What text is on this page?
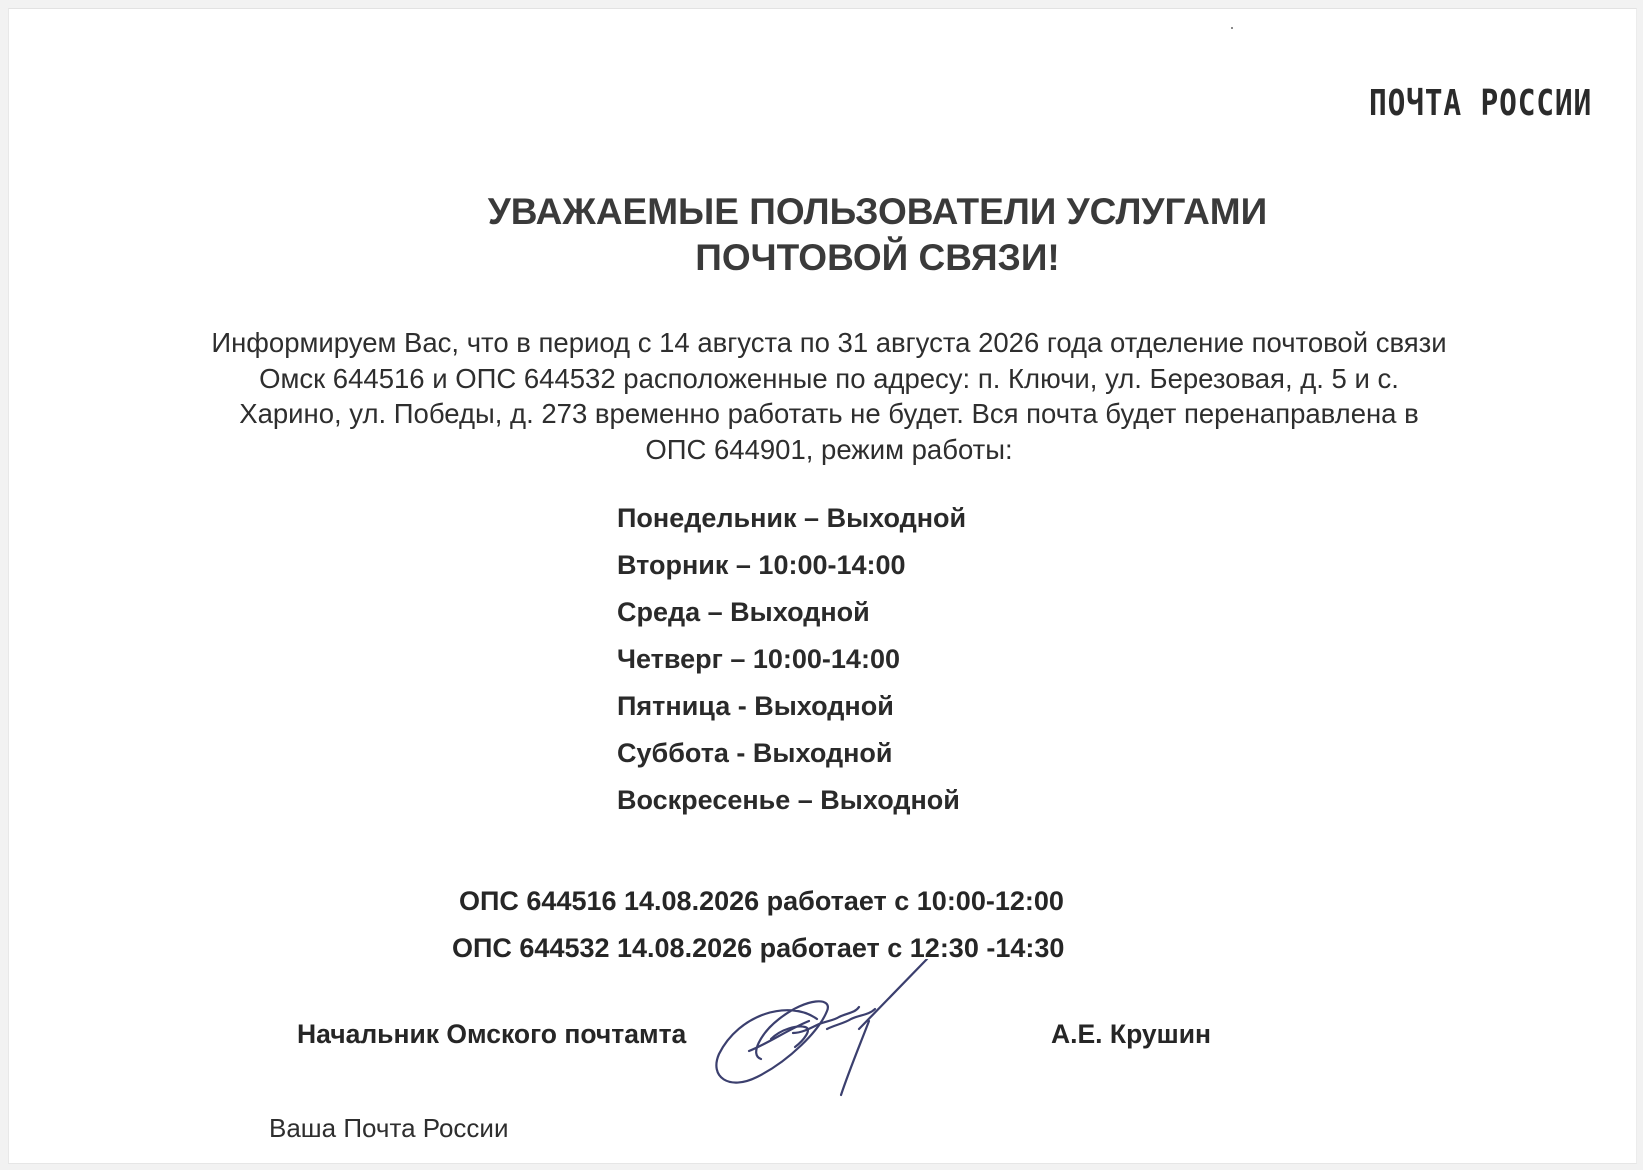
ПОЧТА РОССИИ
УВАЖАЕМЫЕ ПОЛЬЗОВАТЕЛИ УСЛУГАМИ
ПОЧТОВОЙ СВЯЗИ!
Информируем Вас, что в период с 14 августа по 31 августа 2026 года отделение почтовой связи Омск 644516 и ОПС 644532 расположенные по адресу: п. Ключи, ул. Березовая, д. 5 и с. Харино, ул. Победы, д. 273 временно работать не будет. Вся почта будет перенаправлена в ОПС 644901, режим работы:
Понедельник – Выходной
Вторник – 10:00-14:00
Среда – Выходной
Четверг – 10:00-14:00
Пятница - Выходной
Суббота - Выходной
Воскресенье – Выходной
ОПС 644516 14.08.2026 работает с 10:00-12:00
ОПС 644532 14.08.2026 работает с 12:30 -14:30
Начальник Омского почтамта	А.Е. Крушин
Ваша Почта России
